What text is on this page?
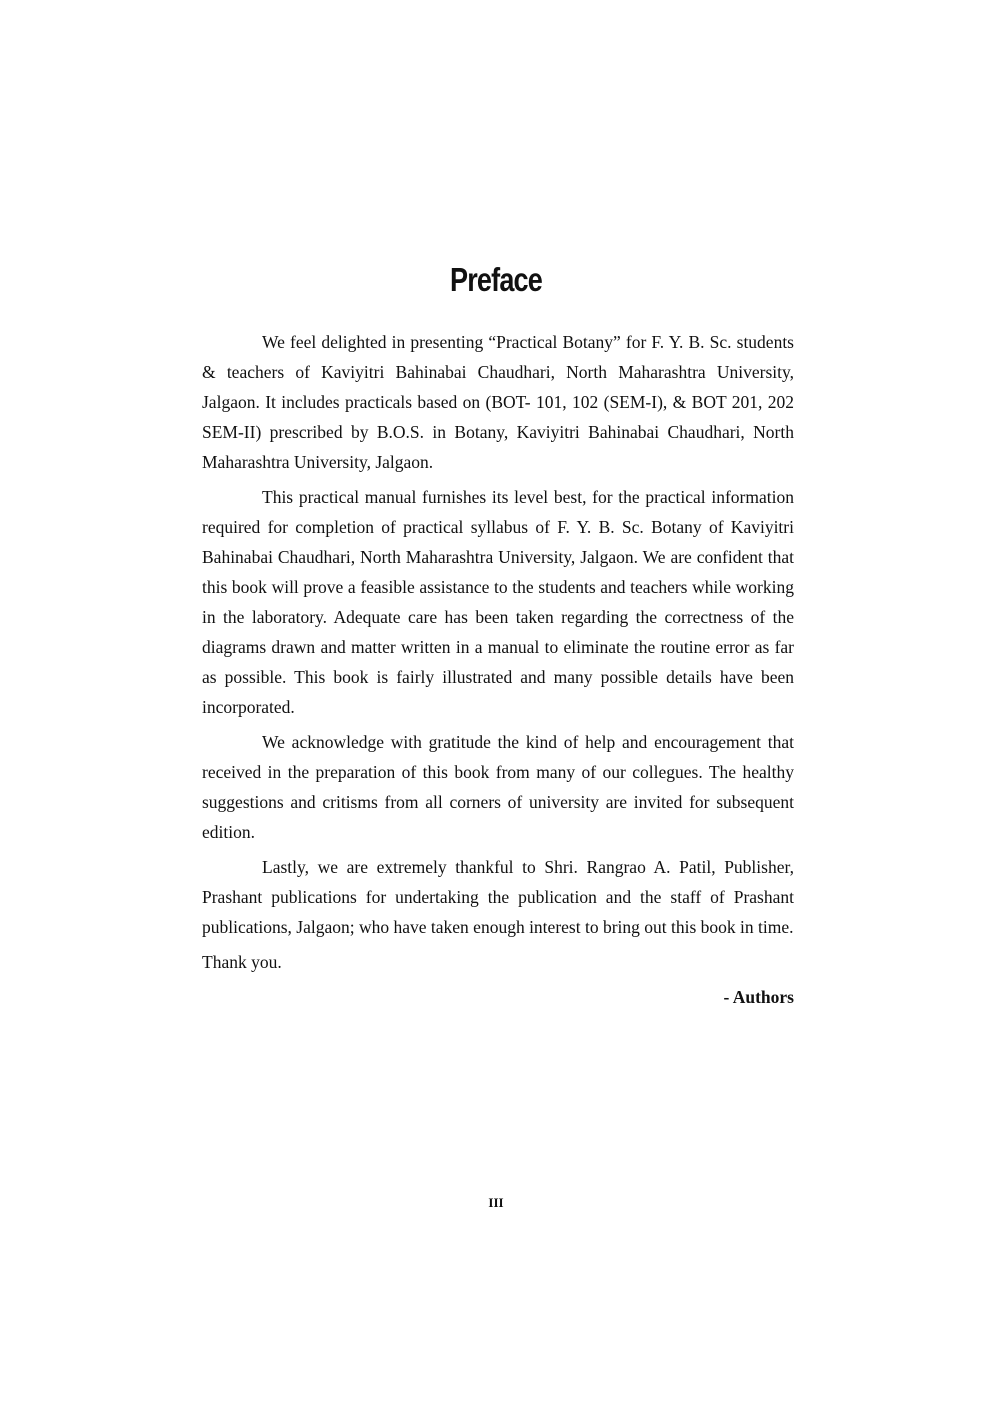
Preface

We feel delighted in presenting “Practical Botany” for F. Y. B. Sc. students & teachers of Kaviyitri Bahinabai Chaudhari, North Maharashtra University, Jalgaon. It includes practicals based on (BOT- 101, 102 (SEM-I), & BOT 201, 202 SEM-II) prescribed by B.O.S. in Botany, Kaviyitri Bahinabai Chaudhari, North Maharashtra University, Jalgaon.

This practical manual furnishes its level best, for the practical information required for completion of practical syllabus of F. Y. B. Sc. Botany of Kaviyitri Bahinabai Chaudhari, North Maharashtra University, Jalgaon. We are confident that this book will prove a feasible assistance to the students and teachers while working in the laboratory. Adequate care has been taken regarding the correctness of the diagrams drawn and matter written in a manual to eliminate the routine error as far as possible. This book is fairly illustrated and many possible details have been incorporated.

We acknowledge with gratitude the kind of help and encouragement that received in the preparation of this book from many of our collegues. The healthy suggestions and critisms from all corners of university are invited for subsequent edition.

Lastly, we are extremely thankful to Shri. Rangrao A. Patil, Publisher, Prashant publications for undertaking the publication and the staff of Prashant publications, Jalgaon; who have taken enough interest to bring out this book in time.

Thank you.

- Authors

III
